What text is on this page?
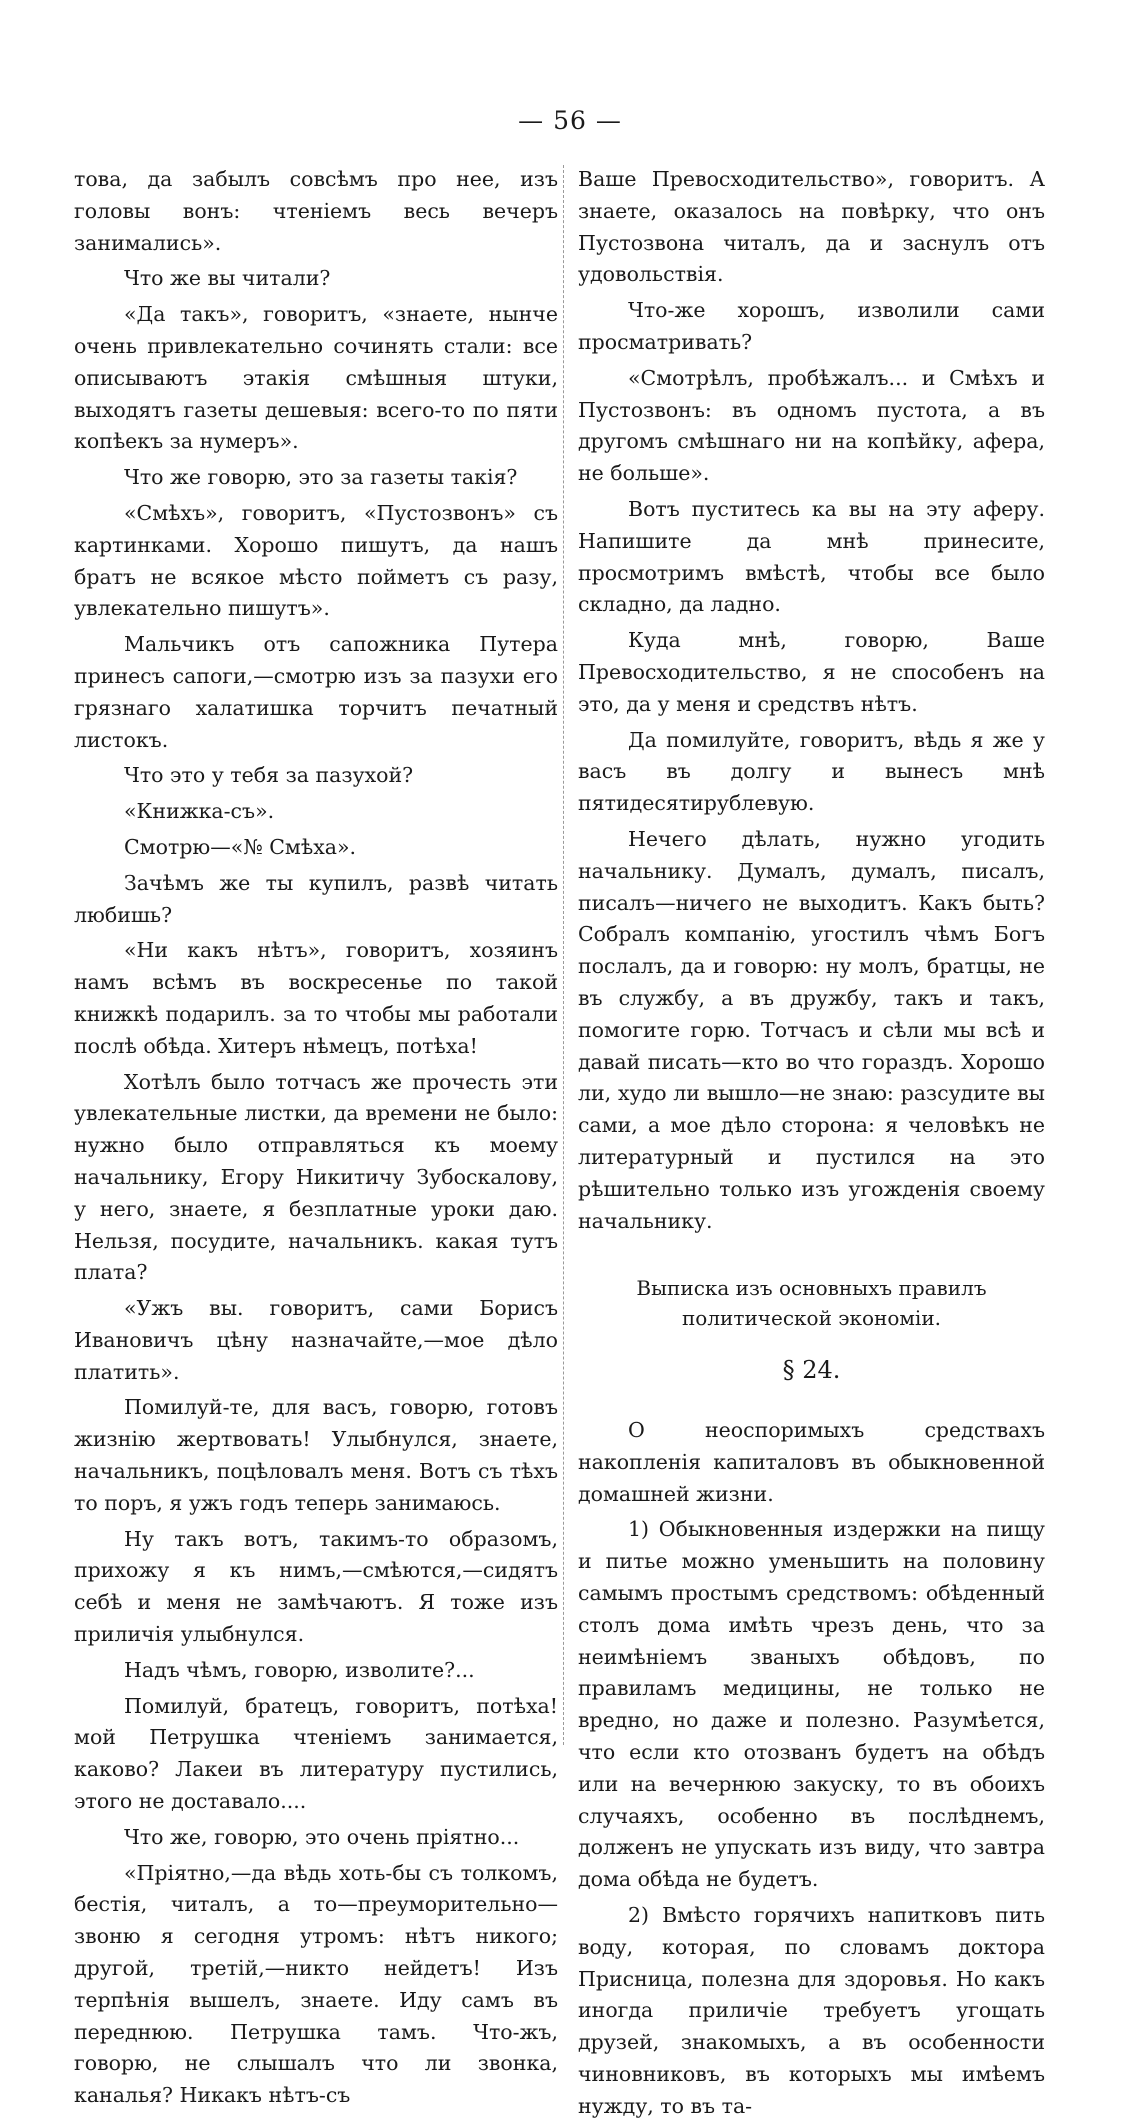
— 56 —

това, да забылъ совсѣмъ про нее, изъ головы вонъ: чтеніемъ весь вечеръ занимались».

Что же вы читали?

«Да такъ», говоритъ, «знаете, нынче очень привлекательно сочинять стали: все описываютъ этакія смѣшныя штуки, выходятъ газеты дешевыя: всего-то по пяти копѣекъ за нумеръ».

Что же говорю, это за газеты такія?

«Смѣхъ», говоритъ, «Пустозвонъ» съ картинками. Хорошо пишутъ, да нашъ братъ не всякое мѣсто пойметъ съ разу, увлекательно пишутъ».

Мальчикъ отъ сапожника Путера принесъ сапоги,—смотрю изъ за пазухи его грязнаго халатишка торчитъ печатный листокъ.

Что это у тебя за пазухой?

«Книжка-съ».

Смотрю—«№ Смѣха».

Зачѣмъ же ты купилъ, развѣ читать любишь?

«Ни какъ нѣтъ», говоритъ, хозяинъ намъ всѣмъ въ воскресенье по такой книжкѣ подарилъ. за то чтобы мы работали послѣ обѣда. Хитеръ нѣмецъ, потѣха!

Хотѣлъ было тотчасъ же прочесть эти увлекательные листки, да времени не было: нужно было отправляться къ моему начальнику, Егору Никитичу Зубоскалову, у него, знаете, я безплатные уроки даю. Нельзя, посудите, начальникъ. какая тутъ плата?

«Ужъ вы. говоритъ, сами Борисъ Ивановичъ цѣну назначайте,—мое дѣло платить».

Помилуй-те, для васъ, говорю, готовъ жизнію жертвовать! Улыбнулся, знаете, начальникъ, поцѣловалъ меня. Вотъ съ тѣхъ то поръ, я ужъ годъ теперь занимаюсь.

Ну такъ вотъ, такимъ-то образомъ, прихожу я къ нимъ,—смѣются,—сидятъ себѣ и меня не замѣчаютъ. Я тоже изъ приличія улыбнулся.

Надъ чѣмъ, говорю, изволите?...

Помилуй, братецъ, говоритъ, потѣха! мой Петрушка чтеніемъ занимается, каково? Лакеи въ литературу пустились, этого не доставало....

Что же, говорю, это очень пріятно...

«Пріятно,—да вѣдь хоть-бы съ толкомъ, бестія, читалъ, а то—преуморительно—звоню я сегодня утромъ: нѣтъ никого; другой, третій,—никто нейдетъ! Изъ терпѣнія вышелъ, знаете. Иду самъ въ переднюю. Петрушка тамъ. Что-жъ, говорю, не слышалъ что ли звонка, каналья? Никакъ нѣтъ-съ

Ваше Превосходительство», говоритъ. А знаете, оказалось на повѣрку, что онъ Пустозвона читалъ, да и заснулъ отъ удовольствія.

Что-же хорошъ, изволили сами просматривать?

«Смотрѣлъ, пробѣжалъ... и Смѣхъ и Пустозвонъ: въ одномъ пустота, а въ другомъ смѣшнаго ни на копѣйку, афера, не больше».

Вотъ пуститесь ка вы на эту аферу. Напишите да мнѣ принесите, просмотримъ вмѣстѣ, чтобы все было складно, да ладно.

Куда мнѣ, говорю, Ваше Превосходительство, я не способенъ на это, да у меня и средствъ нѣтъ.

Да помилуйте, говоритъ, вѣдь я же у васъ въ долгу и вынесъ мнѣ пятидесятирублевую.

Нечего дѣлать, нужно угодить начальнику. Думалъ, думалъ, писалъ, писалъ—ничего не выходитъ. Какъ быть? Собралъ компанію, угостилъ чѣмъ Богъ послалъ, да и говорю: ну молъ, братцы, не въ службу, а въ дружбу, такъ и такъ, помогите горю. Тотчасъ и сѣли мы всѣ и давай писать—кто во что гораздъ. Хорошо ли, худо ли вышло—не знаю: разсудите вы сами, а мое дѣло сторона: я человѣкъ не литературный и пустился на это рѣшительно только изъ угожденія своему начальнику.

Выписка изъ основныхъ правилъ политической экономіи.

§ 24.

О неоспоримыхъ средствахъ накопленія капиталовъ въ обыкновенной домашней жизни.

1) Обыкновенныя издержки на пищу и питье можно уменьшить на половину самымъ простымъ средствомъ: обѣденный столъ дома имѣть чрезъ день, что за неимѣніемъ званыхъ обѣдовъ, по правиламъ медицины, не только не вредно, но даже и полезно. Разумѣется, что если кто отозванъ будетъ на обѣдъ или на вечернюю закуску, то въ обоихъ случаяхъ, особенно въ послѣднемъ, долженъ не упускать изъ виду, что завтра дома обѣда не будетъ.

2) Вмѣсто горячихъ напитковъ пить воду, которая, по словамъ доктора Присница, полезна для здоровья. Но какъ иногда приличіе требуетъ угощать друзей, знакомыхъ, а въ особенности чиновниковъ, въ которыхъ мы имѣемъ нужду, то въ та-
